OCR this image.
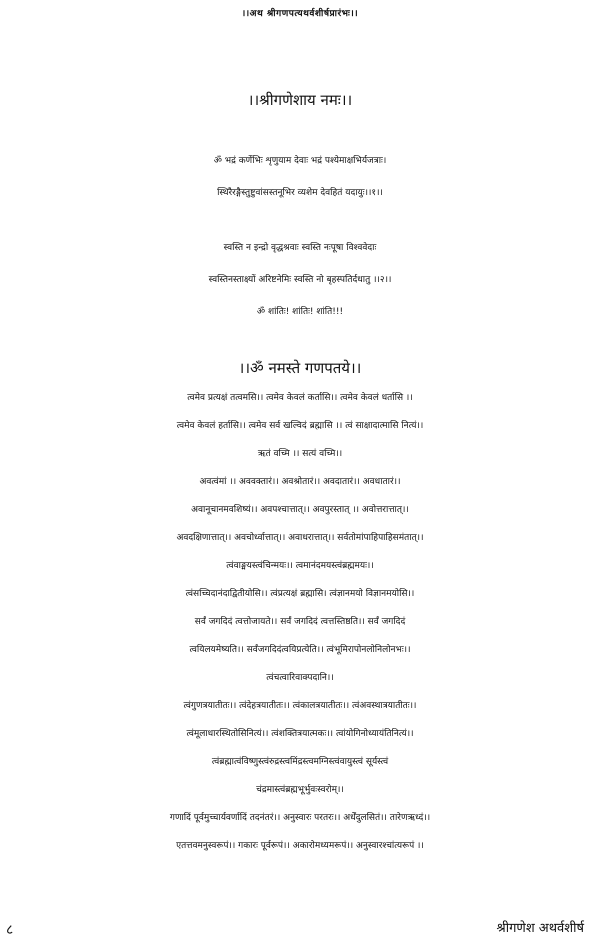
।।अथ श्रीगणपत्यथर्वशीर्षप्रारंभः।।
।।श्रीगणेशाय नमः।।
ॐ भद्रं कर्णेभिः शृणुयाम देवाः भद्रं पश्येमाक्षभिर्यजत्राः।
स्थिरैरङ्गैस्तुष्टुवांसस्तनूभिर व्यशेम देवहितं यदायुः।।१।।
स्वस्ति न इन्द्रो वृद्धश्रवाः स्वस्ति नःपूषा विश्ववेदाः
स्वस्तिनस्ताक्ष्यों अरिष्टनेमिः स्वस्ति नो बृहस्पतिर्दधातु ।।२।।
ॐ शांतिः! शांतिः! शांति!!!
।।ॐ नमस्ते गणपतये।।
त्वमेव प्रत्यक्षं तत्वमसि।। त्वमेव केवलं कर्तासि।। त्वमेव केवलं धर्तासि ।।
त्वमेव केवलं हर्तासि।। त्वमेव सर्व खल्विदं ब्रह्मासि ।। त्वं साक्षादात्मासि नित्यं।।
ऋतं वच्मि ।। सत्यं वच्मि।।
अवत्वंमां ।। अववक्तारं।। अवश्रोतारं।। अवदातारं।। अवधातारं।।
अवानूचानमवशिष्यं।। अवपश्चात्तात्।। अवपुरस्तात् ।। अवोत्तरात्तात्।।
अवदक्षिणात्तात्।। अवचोर्ध्वात्तात्।। अवाधरात्तात्।। सर्वतोमांपाहिपाहिसमंतात्।।
त्वंवाङ्मयस्त्वंचिन्मयः।। त्वमानंदमयस्त्वंब्रह्ममयः।।
त्वंसच्चिदानंदाद्वितीयोसि।। त्वंप्रत्यक्षं ब्रह्मासि। त्वंज्ञानमयो विज्ञानमयोसि।।
सर्वं जगदिदं त्वत्तोजायते।। सर्वं जगदिदं त्वत्तस्तिष्ठति।। सर्वं जगदिदं
त्वयिलयमेष्यति।। सर्वंजगदिदंत्वयिप्रत्येति।। त्वंभूमिरापोनलोनिलोनभः।।
त्वंचत्वारिवाक्पदानि।।
त्वंगुणत्रयातीतः।। त्वंदेहत्रयातीतः।। त्वंकालत्रयातीतः।। त्वंअवस्थात्रयातीतः।।
त्वंमूलाधारस्थितोसिनित्यं।। त्वंशक्तित्रयात्मकः।। त्वांयोगिनोध्यायंतिनित्यं।।
त्वंब्रह्मात्वंविष्णुस्त्वंरुद्रस्त्वमिंद्रस्त्वमग्निस्त्वंवायुस्त्वं सूर्यस्त्वं
चंद्रमास्त्वंब्रह्मभूर्भुवःस्वरोम्।।
गणादिं पूर्वमुच्चार्यवर्णादिं तदनंतरं।। अनुस्वारः परतरः।। अर्धेंदुलसितं।। तारेणऋध्दं।।
एतत्तवमनुस्वरूपं।। गकारः पूर्वरूपं।। अकारोमध्यमरूपं।। अनुस्वारश्चांत्यरूपं ।।
८	श्रीगणेश अथर्वशीर्ष
